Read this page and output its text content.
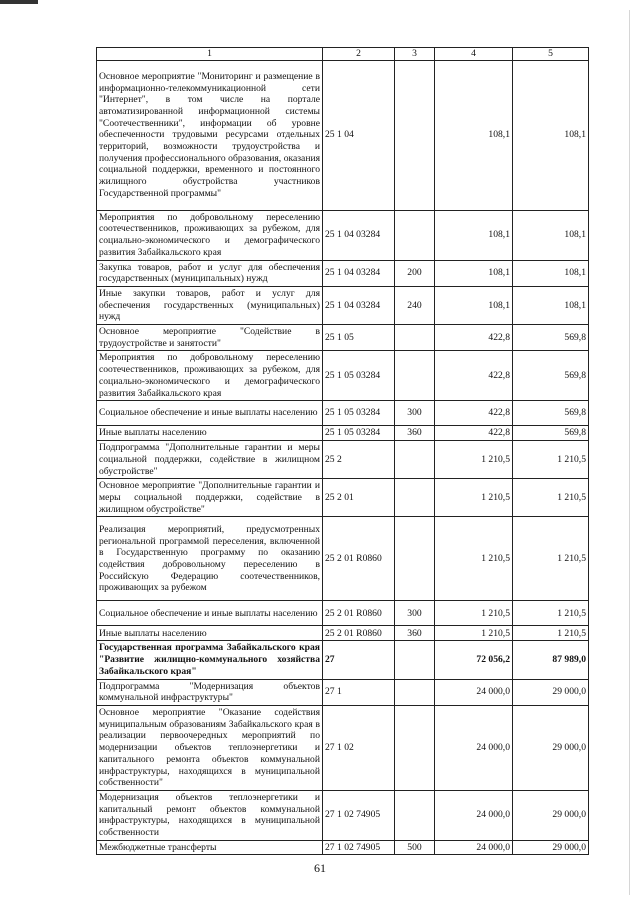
1	2	3	4	5
Основное мероприятие "Мониторинг и размещение в информационно-телекоммуникационной сети "Интернет", в том числе на портале автоматизированной информационной системы "Соотечественники", информации об уровне обеспеченности трудовыми ресурсами отдельных территорий, возможности трудоустройства и получения профессионального образования, оказания социальной поддержки, временного и постоянного жилищного обустройства участников Государственной программы"	25 1 04		108,1	108,1
Мероприятия по добровольному переселению соотечественников, проживающих за рубежом, для социально-экономического и демографического развития Забайкальского края	25 1 04 03284		108,1	108,1
Закупка товаров, работ и услуг для обеспечения государственных (муниципальных) нужд	25 1 04 03284	200	108,1	108,1
Иные закупки товаров, работ и услуг для обеспечения государственных (муниципальных) нужд	25 1 04 03284	240	108,1	108,1
Основное мероприятие "Содействие в трудоустройстве и занятости"	25 1 05		422,8	569,8
Мероприятия по добровольному переселению соотечественников, проживающих за рубежом, для социально-экономического и демографического развития Забайкальского края	25 1 05 03284		422,8	569,8
Социальное обеспечение и иные выплаты населению	25 1 05 03284	300	422,8	569,8
Иные выплаты населению	25 1 05 03284	360	422,8	569,8
Подпрограмма "Дополнительные гарантии и меры социальной поддержки, содействие в жилищном обустройстве"	25 2		1 210,5	1 210,5
Основное мероприятие "Дополнительные гарантии и меры социальной поддержки, содействие в жилищном обустройстве"	25 2 01		1 210,5	1 210,5
Реализация мероприятий, предусмотренных региональной программой переселения, включенной в Государственную программу по оказанию содействия добровольному переселению в Российскую Федерацию соотечественников, проживающих за рубежом	25 2 01 R0860		1 210,5	1 210,5
Социальное обеспечение и иные выплаты населению	25 2 01 R0860	300	1 210,5	1 210,5
Иные выплаты населению	25 2 01 R0860	360	1 210,5	1 210,5
Государственная программа Забайкальского края "Развитие жилищно-коммунального хозяйства Забайкальского края"	27		72 056,2	87 989,0
Подпрограмма "Модернизация объектов коммунальной инфраструктуры"	27 1		24 000,0	29 000,0
Основное мероприятие "Оказание содействия муниципальным образованиям Забайкальского края в реализации первоочередных мероприятий по модернизации объектов теплоэнергетики и капитального ремонта объектов коммунальной инфраструктуры, находящихся в муниципальной собственности"	27 1 02		24 000,0	29 000,0
Модернизация объектов теплоэнергетики и капитальный ремонт объектов коммунальной инфраструктуры, находящихся в муниципальной собственности	27 1 02 74905		24 000,0	29 000,0
Межбюджетные трансферты	27 1 02 74905	500	24 000,0	29 000,0
61
